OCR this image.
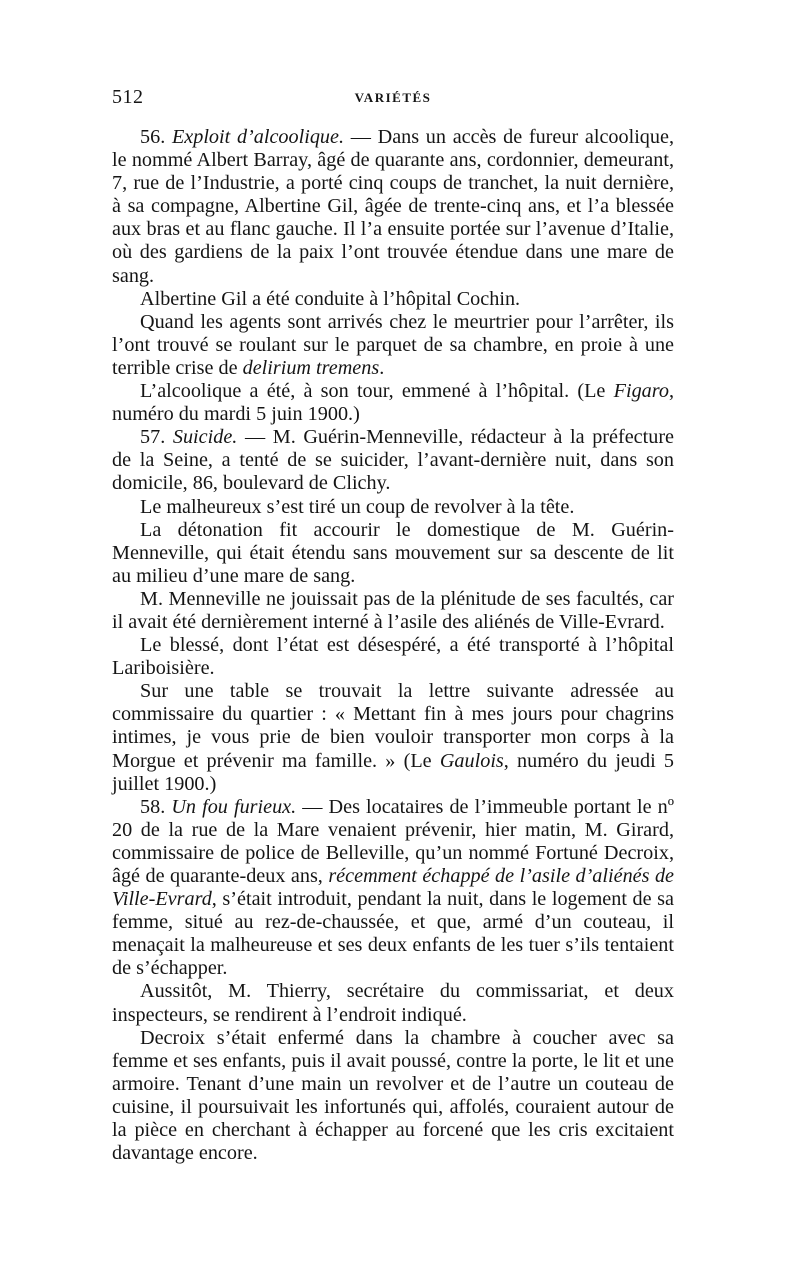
512	VARIÉTÉS

56. Exploit d’alcoolique. — Dans un accès de fureur alcoolique, le nommé Albert Barray, âgé de quarante ans, cordonnier, demeurant, 7, rue de l’Industrie, a porté cinq coups de tranchet, la nuit dernière, à sa compagne, Albertine Gil, âgée de trente-cinq ans, et l’a blessée aux bras et au flanc gauche. Il l’a ensuite portée sur l’avenue d’Italie, où des gardiens de la paix l’ont trouvée étendue dans une mare de sang.

Albertine Gil a été conduite à l’hôpital Cochin.

Quand les agents sont arrivés chez le meurtrier pour l’arrêter, ils l’ont trouvé se roulant sur le parquet de sa chambre, en proie à une terrible crise de delirium tremens.

L’alcoolique a été, à son tour, emmené à l’hôpital. (Le Figaro, numéro du mardi 5 juin 1900.)

57. Suicide. — M. Guérin-Menneville, rédacteur à la préfecture de la Seine, a tenté de se suicider, l’avant-dernière nuit, dans son domicile, 86, boulevard de Clichy.

Le malheureux s’est tiré un coup de revolver à la tête.

La détonation fit accourir le domestique de M. Guérin-Menneville, qui était étendu sans mouvement sur sa descente de lit au milieu d’une mare de sang.

M. Menneville ne jouissait pas de la plénitude de ses facultés, car il avait été dernièrement interné à l’asile des aliénés de Ville-Evrard.

Le blessé, dont l’état est désespéré, a été transporté à l’hôpital Lariboisière.

Sur une table se trouvait la lettre suivante adressée au commissaire du quartier : « Mettant fin à mes jours pour chagrins intimes, je vous prie de bien vouloir transporter mon corps à la Morgue et prévenir ma famille. » (Le Gaulois, numéro du jeudi 5 juillet 1900.)

58. Un fou furieux. — Des locataires de l’immeuble portant le nº 20 de la rue de la Mare venaient prévenir, hier matin, M. Girard, commissaire de police de Belleville, qu’un nommé Fortuné Decroix, âgé de quarante-deux ans, récemment échappé de l’asile d’aliénés de Ville-Evrard, s’était introduit, pendant la nuit, dans le logement de sa femme, situé au rez-de-chaussée, et que, armé d’un couteau, il menaçait la malheureuse et ses deux enfants de les tuer s’ils tentaient de s’échapper.

Aussitôt, M. Thierry, secrétaire du commissariat, et deux inspecteurs, se rendirent à l’endroit indiqué.

Decroix s’était enfermé dans la chambre à coucher avec sa femme et ses enfants, puis il avait poussé, contre la porte, le lit et une armoire. Tenant d’une main un revolver et de l’autre un couteau de cuisine, il poursuivait les infortunés qui, affolés, couraient autour de la pièce en cherchant à échapper au forcené que les cris excitaient davantage encore.
